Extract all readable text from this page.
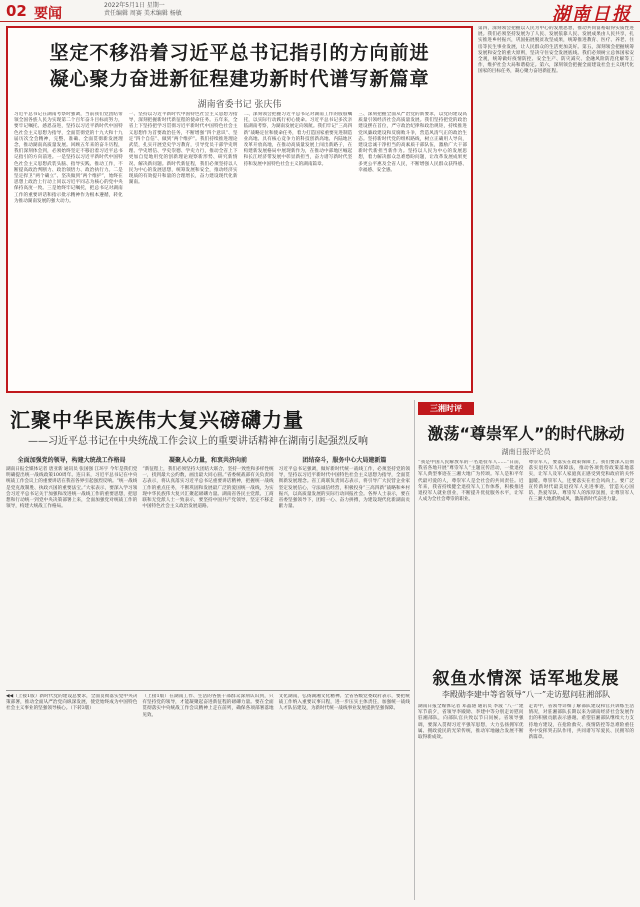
02 要闻
2022年5月1日 星期一
责任编辑 周赛 美术编辑 杨敏	湖南日报
坚定不移沿着习近平总书记指引的方向前进
凝心聚力奋进新征程建功新时代谱写新篇章
湖南省委书记 张庆伟
习近平总书记在湖南考察时强调，当前我们党团结带领全国各族人民为实现第二个百年奋斗目标而努力，要牢记嘱托、感恩奋进，坚持以习近平新时代中国特色社会主义思想为指导，全面贯彻党的十九大和十九届历次全会精神，完整、准确、全面贯彻新发展理念，推动湖南高质量发展。回顾五年来的奋斗历程，我们深刻体会到，必须始终坚定不移沿着习近平总书记指引的方向前进。一是坚持以习近平新时代中国特色社会主义思想武装头脑、指导实践、推动工作，不断提高政治判断力、政治领悟力、政治执行力。二是坚定捍卫“两个确立”、坚决做到“两个维护”，始终在思想上政治上行动上同以习近平同志为核心的党中央保持高度一致。三是始终牢记嘱托，把总书记对湖南工作的重要讲话和指示批示精神作为根本遵循，转化为推动湖南发展的强大动力。
一、坚持以习近平新时代中国特色社会主义思想为指导，深刻把握新时代新征程的使命任务。五年来，全省上下坚持把学习贯彻习近平新时代中国特色社会主义思想作为首要政治任务，不断增强“四个意识”、坚定“四个自信”、做到“两个维护”。我们持续推进理论武装，扎实开展党史学习教育，引导党员干部学史明理、学史增信、学史崇德、学史力行，推动全省上下更加自觉地用党的创新理论观察新形势、研究新情况、解决新问题。新时代新征程，我们必须坚持以人民为中心的发展思想，统筹发展和安全，推动经济实现质的有效提升和量的合理增长，奋力建设现代化新湖南。
二、深刻领会把握习近平总书记对湖南工作的殷殷嘱托，以实际行动践行初心使命。习近平总书记多次亲临湖南考察，为湖南发展定向领航。我们牢记“三高四新”战略定位和使命任务，着力打造国家重要先进制造业高地、具有核心竞争力的科技创新高地、内陆地区改革开放高地，在推动高质量发展上闯出新路子，在构建新发展格局中展现新作为，在推动中部地区崛起和长江经济带发展中彰显新担当，奋力谱写新时代坚持和发展中国特色社会主义的湖南篇章。
三、深刻把握全面从严治党的新要求，以党的建设高质量引领经济社会高质量发展。我们坚持把党的政治建设摆在首位，严守政治纪律和政治规矩，持续推进党风廉政建设和反腐败斗争，营造风清气正的政治生态。坚持新时代党的组织路线，树立正确用人导向，建设忠诚干净担当的高素质干部队伍，激励广大干部新时代新担当新作为。坚持以人民为中心的发展思想，着力解决群众急难愁盼问题，让改革发展成果更多更公平惠及全省人民，不断增强人民群众获得感、幸福感、安全感。
第四，深刻领会把握以人民为中心的发展思想，推动共同富裕取得实质性进展。我们必须坚持发展为了人民、发展依靠人民、发展成果由人民共享，扎实推进乡村振兴，巩固拓展脱贫攻坚成果，统筹推进教育、医疗、养老、住房等民生事业发展，让人民群众的生活更加美好。第五，深刻领会把握统筹发展和安全的重大原则，坚决守住安全发展底线。我们必须树立总体国家安全观，统筹做好疫情防控、安全生产、防灾减灾、金融风险防范化解等工作，维护社会大局和谐稳定。第六，深刻领会把握全面建设社会主义现代化国家的目标任务，凝心聚力奋进新征程。
汇聚中华民族伟大复兴磅礴力量
——习近平总书记在中央统战工作会议上的重要讲话精神在湖南引起强烈反响
全面加强党的领导，构建大统战工作格局
湖南日报全媒体记者 唐亚新 通讯员 张国强 江环宇 今年是我们党明确提出统一战线政策100周年。连日来，习近平总书记在中央统战工作会议上的重要讲话在我省各界引起强烈反响。“统一战线是党克敌制胜、执政兴国的重要法宝。”大家表示，要深入学习领会习近平总书记关于加强和改进统一战线工作的重要思想，把思想和行动统一到党中央决策部署上来，全面加强党对统战工作的领导，构建大统战工作格局。
凝聚人心力量，和衷共济向前
“新征程上，我们必须坚持大团结大联合，坚持一致性和多样性统一，找到最大公约数，画出最大同心圆。”省委统战部有关负责同志表示，将认真落实习近平总书记重要讲话精神，把握统一战线工作的重点任务，不断巩固和发展最广泛的爱国统一战线，为实现中华民族伟大复兴汇聚起磅礴力量。湖南省各民主党派、工商联和无党派人士一致表示，要坚持中国共产党领导，坚定不移走中国特色社会主义政治发展道路。
团结奋斗，服务中心大局建新篇
习近平总书记强调，做好新时代统一战线工作，必须坚持党的领导，坚持以习近平新时代中国特色社会主义思想为指导，全面贯彻新发展理念。省工商联负责同志表示，将引导广大民营企业家坚定发展信心，守法诚信经营，积极投身“三高四新”战略和乡村振兴，以高质量发展的实际行动回报社会。各界人士表示，要在省委坚强领导下，团结一心、奋力拼搏，为建设现代化新湖南贡献力量。
◀◀（上接1版）新时代党的建设总要求，全面贯彻落实党中央决策部署，推动全面从严治党向纵深发展，使党始终成为中国特色社会主义事业的坚强领导核心。（下转3版）
（上接1版）在湖南工作、生活的各族干部群众深刻认识到，只有坚持党的领导，才能凝聚起奋进新征程的磅礴力量。要在全面贯彻落实中央统战工作会议精神上走在前列，确保各项部署落地见效。
文化湖南，弘扬湖湘文化精神。全省各级党委政府表示，要把统战工作纳入重要议事日程，进一步压实主体责任，加强统一战线人才队伍建设，为新时代统一战线事业发展提供坚强保障。
三湘时评
激荡“尊崇军人”的时代脉动
湖南日报评论员
“我是中国人民解放军的一名退役军人……”日前，我省各地开展“尊崇军人”主题宣传活动，一批退役军人典型事迹在三湘大地广为传颂。军人是和平年代最可爱的人，尊崇军人是全社会的共同责任。近年来，我省持续健全退役军人工作体系，积极推进退役军人就业创业，不断提升优抚服务水平，让军人成为全社会尊崇的职业。
尊崇军人，要落实在政策保障上。我们要深入贯彻落实退役军人保障法，推动各项优待政策落地落实，让军人及军人家庭真正感受到党和政府的关怀温暖。尊崇军人，还要落实在社会风尚上。要广泛宣传新时代最美退役军人先进事迹，营造关心国防、热爱军队、尊崇军人的浓厚氛围，让尊崇军人在三湘大地蔚然成风，激荡新时代奋进力量。
叙鱼水情深 话军地发展
李殿勋李建中等省领导“八一”走访慰问驻湘部队
湖南日报全媒体记者 邓晶琎 通讯员 李波 “八一”建军节前夕，省领导李殿勋、李建中等分别走访慰问驻湘部队，向部队官兵致以节日问候。省领导强调，要深入贯彻习近平强军思想，大力弘扬拥军优属、拥政爱民的光荣传统，推动军地融合发展不断取得新成效。
走访中，省领导详细了解部队建设和官兵训练生活情况，对驻湘部队长期以来为湖南经济社会发展作出的积极贡献表示感谢。希望驻湘部队继续大力支持地方建设，在抢险救灾、疫情防控等急难险重任务中发挥突击队作用，共同谱写军爱民、民拥军的新篇章。
